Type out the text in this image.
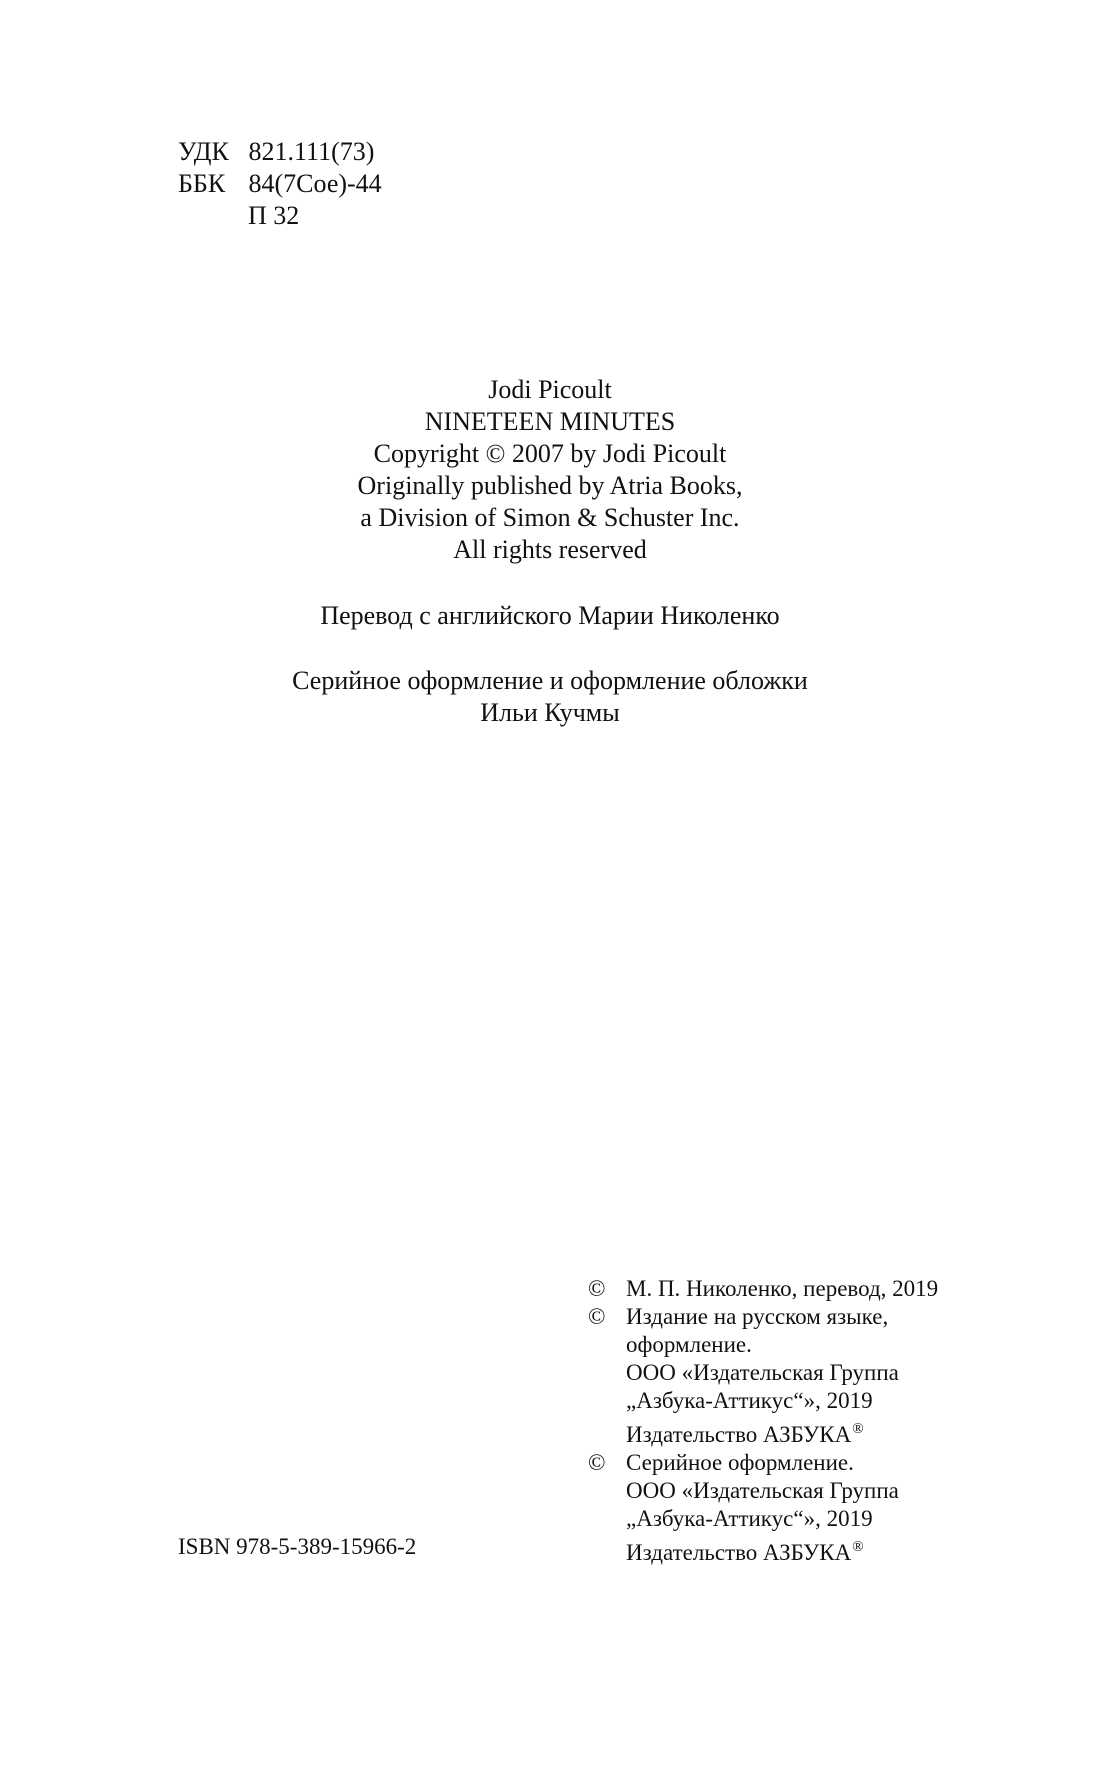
УДК 821.111(73)
ББК 84(7Сое)-44
П 32
Jodi Picoult
NINETEEN MINUTES
Copyright © 2007 by Jodi Picoult
Originally published by Atria Books,
a Division of Simon & Schuster Inc.
All rights reserved
Перевод с английского Марии Николенко
Серийное оформление и оформление обложки
Ильи Кучмы
© М. П. Николенко, перевод, 2019
© Издание на русском языке,
оформление.
ООО «Издательская Группа
„Азбука-Аттикус“», 2019
Издательство АЗБУКА®
© Серийное оформление.
ООО «Издательская Группа
„Азбука-Аттикус“», 2019
Издательство АЗБУКА®
ISBN 978-5-389-15966-2
